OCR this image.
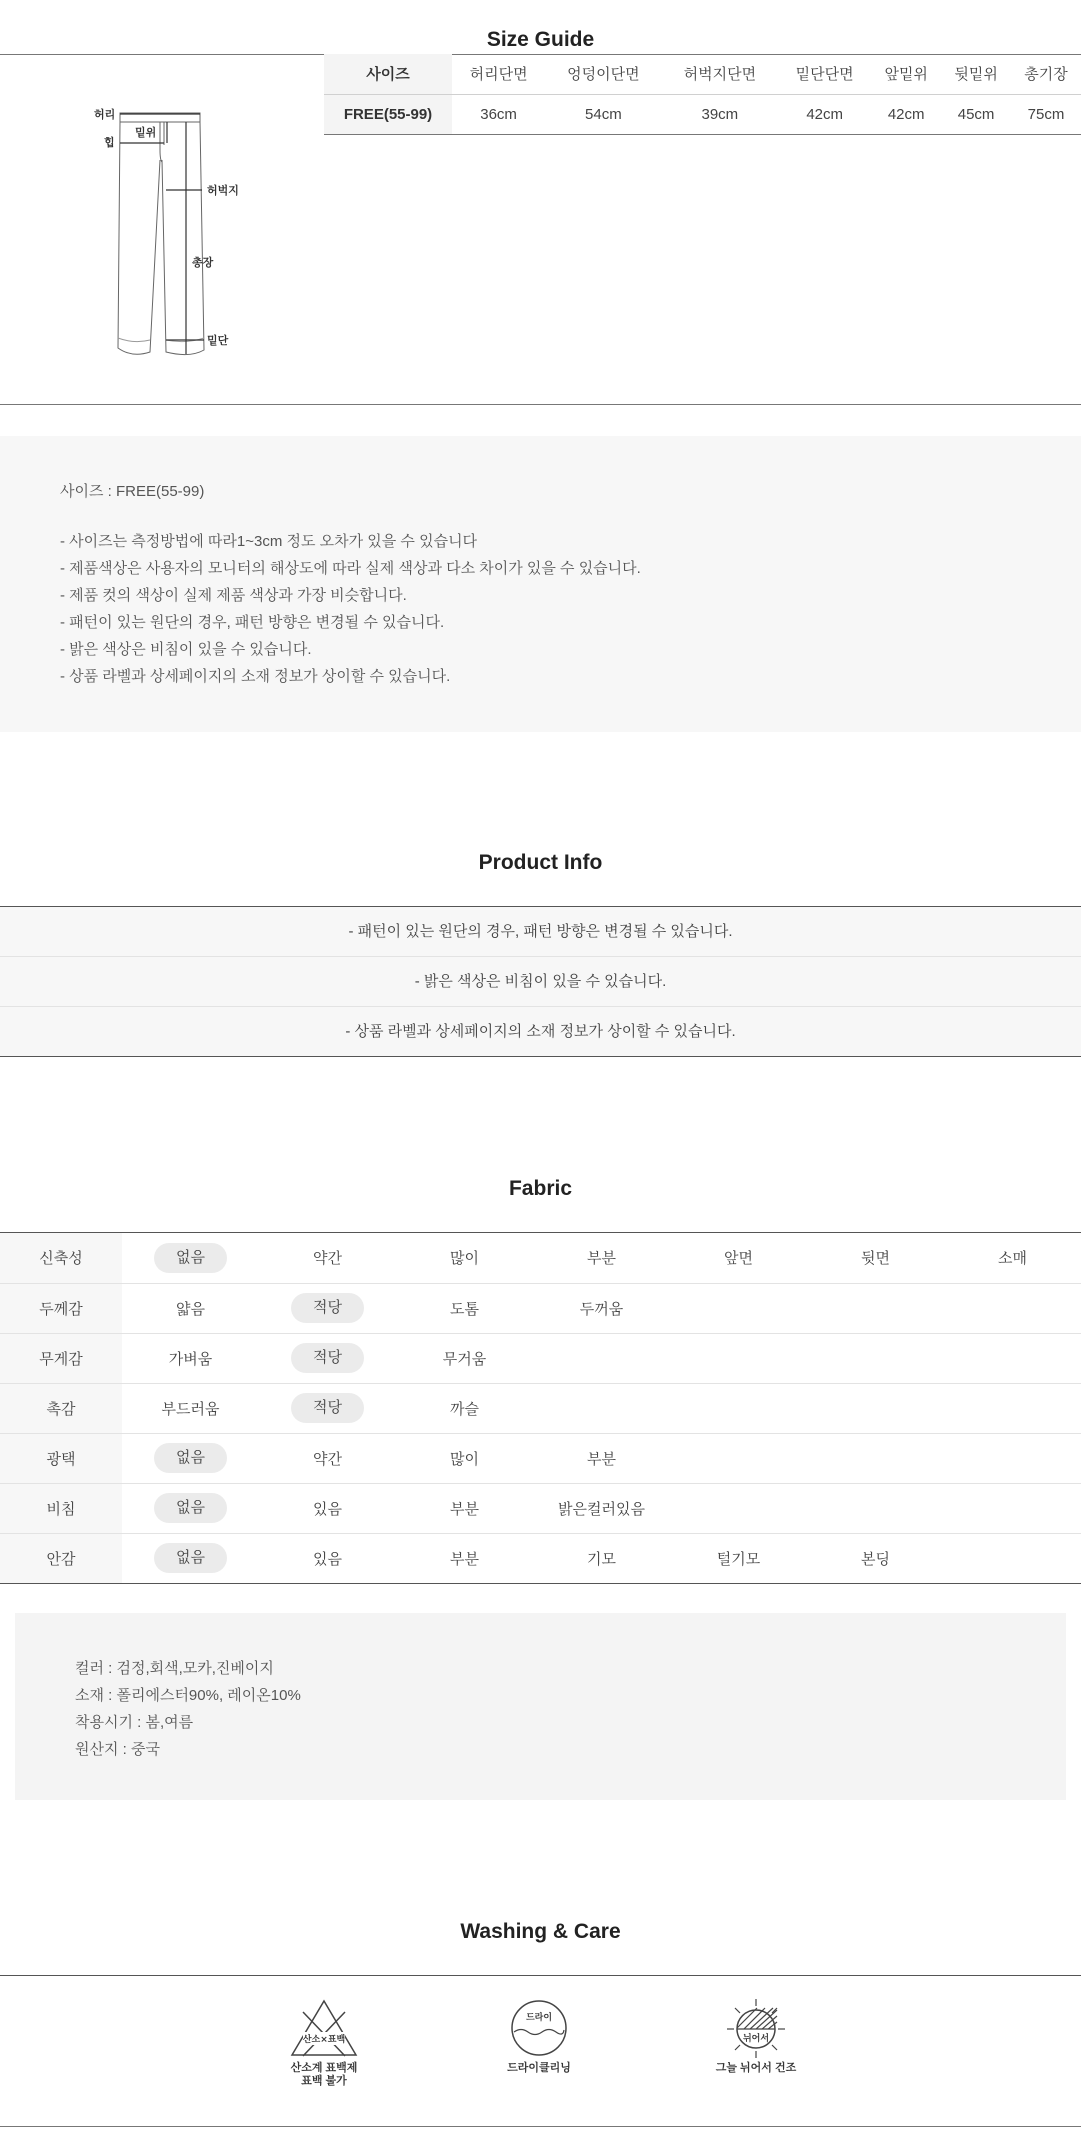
Size Guide
허리
힙
밑위
허벅지
총장
밑단
사이즈	허리단면	엉덩이단면	허벅지단면	밑단단면	앞밑위	뒷밑위	총기장
FREE(55-99)	36cm	54cm	39cm	42cm	42cm	45cm	75cm
사이즈 : FREE(55-99)
- 사이즈는 측정방법에 따라1~3cm 정도 오차가 있을 수 있습니다
- 제품색상은 사용자의 모니터의 해상도에 따라 실제 색상과 다소 차이가 있을 수 있습니다.
- 제품 컷의 색상이 실제 제품 색상과 가장 비슷합니다.
- 패턴이 있는 원단의 경우, 패턴 방향은 변경될 수 있습니다.
- 밝은 색상은 비침이 있을 수 있습니다.
- 상품 라벨과 상세페이지의 소재 정보가 상이할 수 있습니다.
Product Info
- 패턴이 있는 원단의 경우, 패턴 방향은 변경될 수 있습니다.
- 밝은 색상은 비침이 있을 수 있습니다.
- 상품 라벨과 상세페이지의 소재 정보가 상이할 수 있습니다.
Fabric
신축성	없음	약간	많이	부분	앞면	뒷면	소매
두께감	얇음	적당	도톰	두꺼움			
무게감	가벼움	적당	무거움				
촉감	부드러움	적당	까슬				
광택	없음	약간	많이	부분			
비침	없음	있음	부분	밝은컬러있음			
안감	없음	있음	부분	기모	털기모	본딩	
컬러 : 검정,회색,모카,진베이지
소재 : 폴리에스터90%, 레이온10%
착용시기 : 봄,여름
원산지 : 중국
Washing & Care
산소×표백
산소계 표백제
표백 불가
드라이
드라이클리닝
뉘어서
그늘 뉘어서 건조
